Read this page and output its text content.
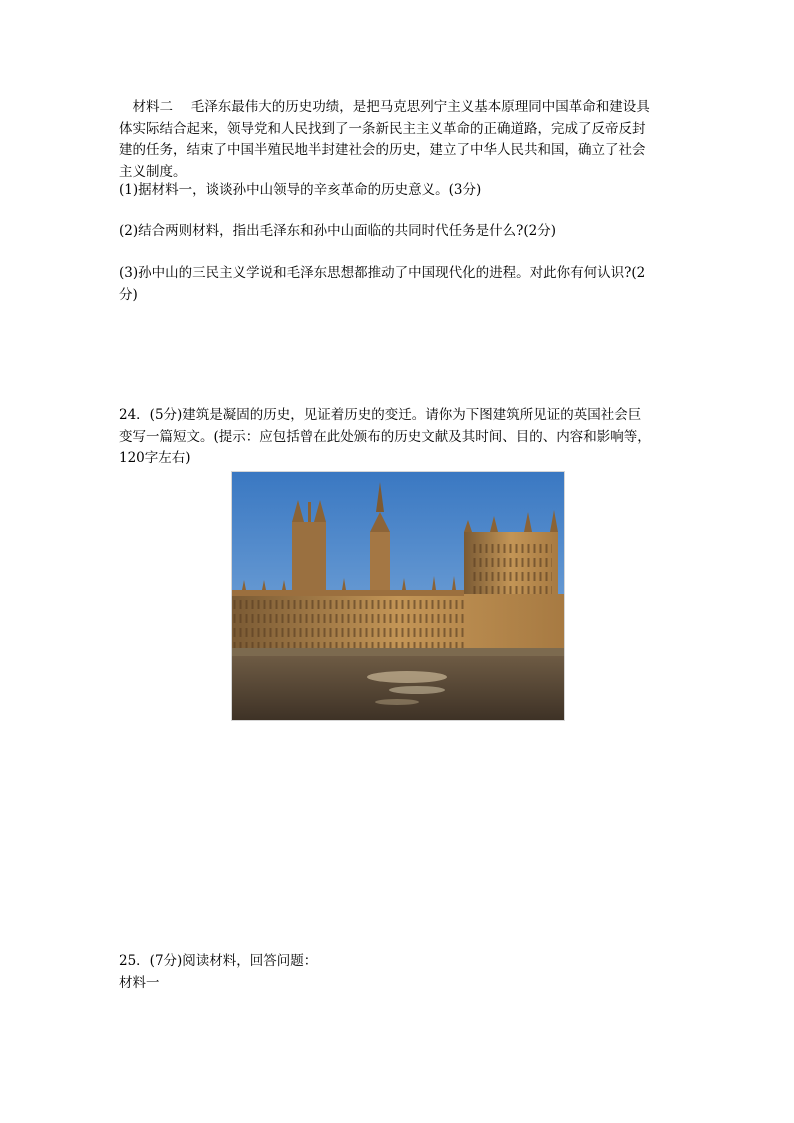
材料二　 毛泽东最伟大的历史功绩，是把马克思列宁主义基本原理同中国革命和建设具

体实际结合起来，领导党和人民找到了一条新民主主义革命的正确道路，完成了反帝反封

建的任务，结束了中国半殖民地半封建社会的历史，建立了中华人民共和国，确立了社会

主义制度。

(1)据材料一，谈谈孙中山领导的辛亥革命的历史意义。(3分)

(2)结合两则材料，指出毛泽东和孙中山面临的共同时代任务是什么?(2分)

(3)孙中山的三民主义学说和毛泽东思想都推动了中国现代化的进程。对此你有何认识?(2

分)

24．(5分)建筑是凝固的历史，见证着历史的变迁。请你为下图建筑所见证的英国社会巨

变写一篇短文。(提示：应包括曾在此处颁布的历史文献及其时间、目的、内容和影响等，

120字左右)

25．(7分)阅读材料，回答问题：

材料一
